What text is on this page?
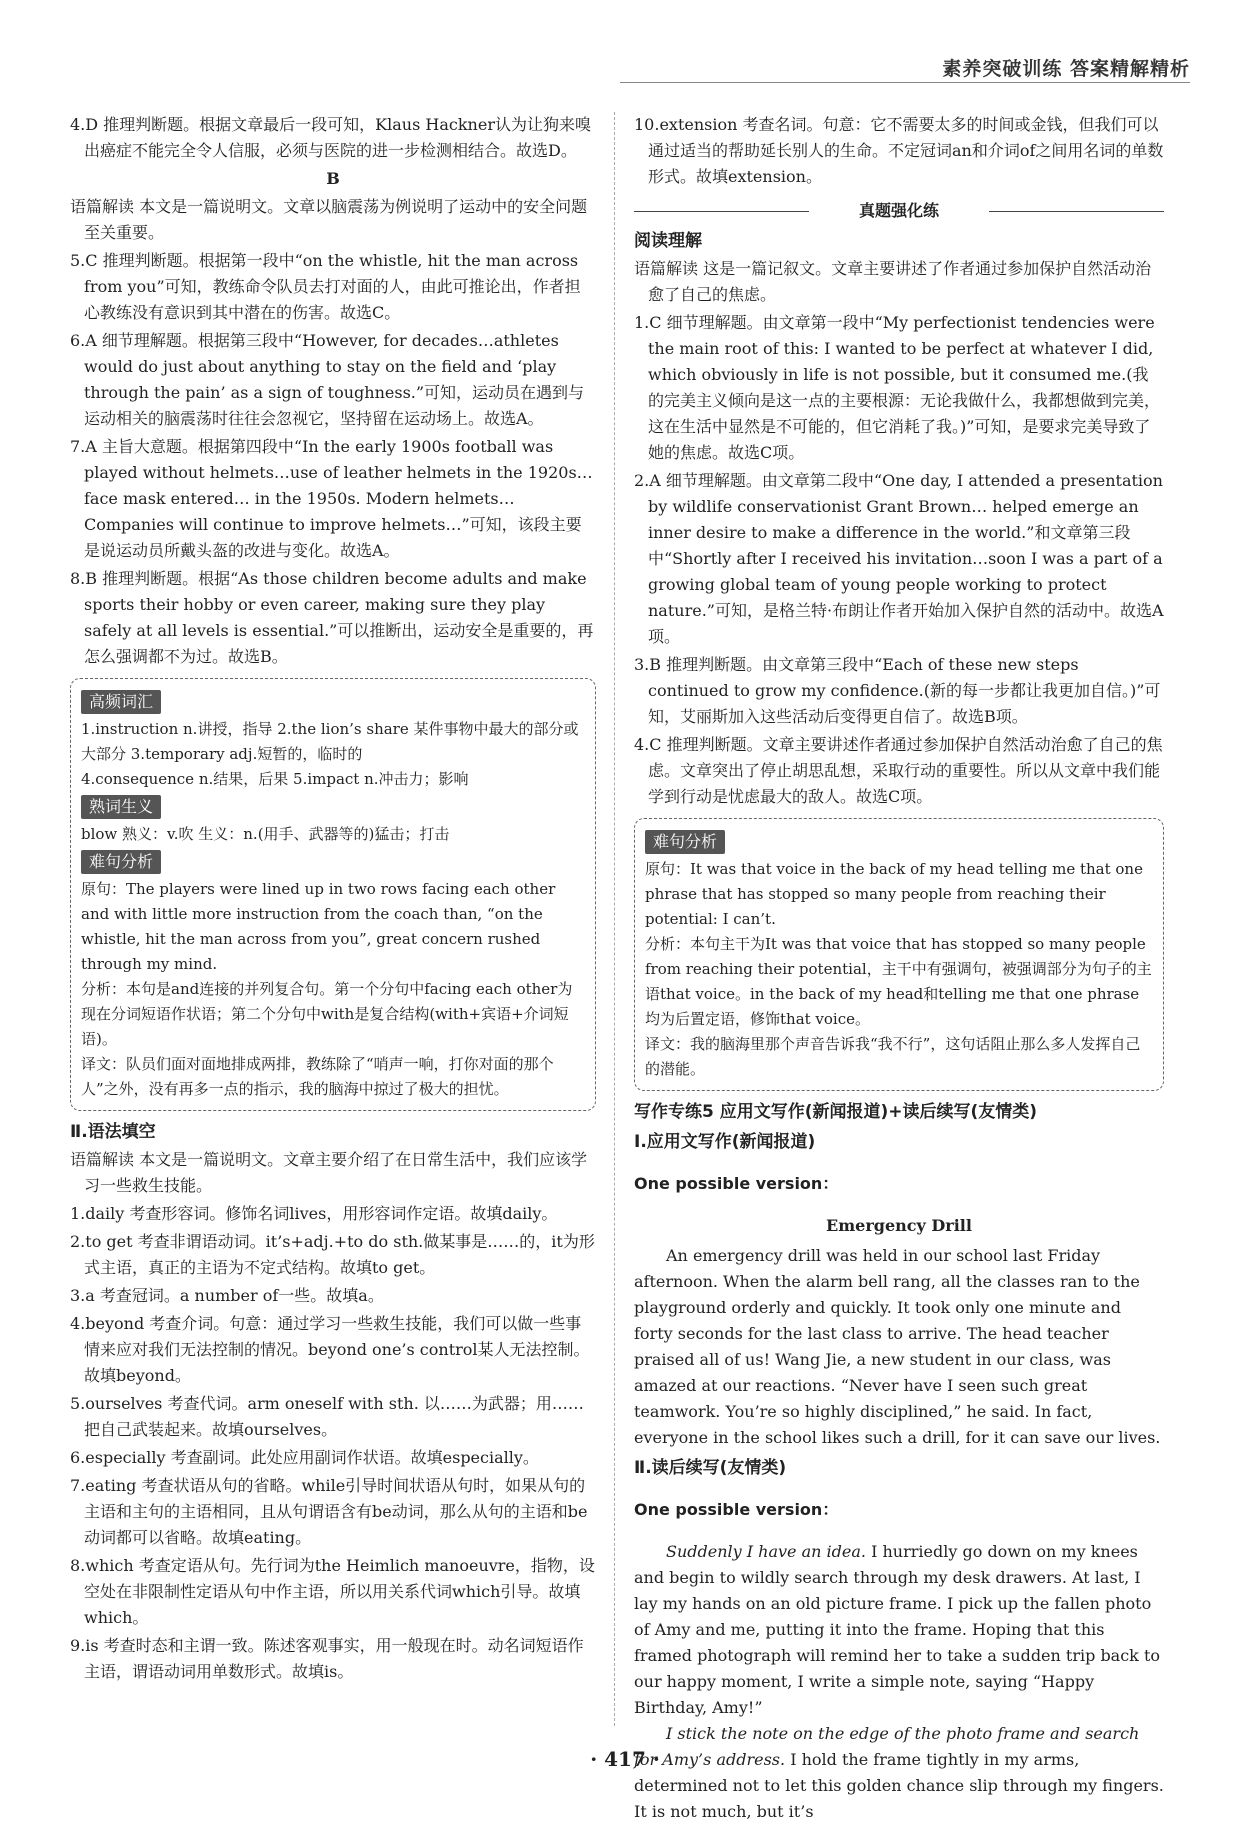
素养突破训练 答案精解精析

4.D 推理判断题。根据文章最后一段可知，Klaus Hackner认为让狗来嗅出癌症不能完全令人信服，必须与医院的进一步检测相结合。故选D。

B

语篇解读 本文是一篇说明文。文章以脑震荡为例说明了运动中的安全问题至关重要。

5.C 推理判断题。根据第一段中“on the whistle, hit the man across from you”可知，教练命令队员去打对面的人，由此可推论出，作者担心教练没有意识到其中潜在的伤害。故选C。

6.A 细节理解题。根据第三段中“However, for decades…athletes would do just about anything to stay on the field and ‘play through the pain’ as a sign of toughness.”可知，运动员在遇到与运动相关的脑震荡时往往会忽视它，坚持留在运动场上。故选A。

7.A 主旨大意题。根据第四段中“In the early 1900s football was played without helmets…use of leather helmets in the 1920s…face mask entered… in the 1950s. Modern helmets… Companies will continue to improve helmets…”可知，该段主要是说运动员所戴头盔的改进与变化。故选A。

8.B 推理判断题。根据“As those children become adults and make sports their hobby or even career, making sure they play safely at all levels is essential.”可以推断出，运动安全是重要的，再怎么强调都不为过。故选B。

高频词汇
1.instruction n.讲授，指导 2.the lion’s share 某件事物中最大的部分或大部分 3.temporary adj.短暂的，临时的
4.consequence n.结果，后果 5.impact n.冲击力；影响
熟词生义
blow 熟义：v.吹 生义：n.(用手、武器等的)猛击；打击
难句分析
原句：The players were lined up in two rows facing each other and with little more instruction from the coach than, “on the whistle, hit the man across from you”, great concern rushed through my mind.
分析：本句是and连接的并列复合句。第一个分句中facing each other为现在分词短语作状语；第二个分句中with是复合结构(with+宾语+介词短语)。
译文：队员们面对面地排成两排，教练除了“哨声一响，打你对面的那个人”之外，没有再多一点的指示，我的脑海中掠过了极大的担忧。

Ⅱ.语法填空

语篇解读 本文是一篇说明文。文章主要介绍了在日常生活中，我们应该学习一些救生技能。

1.daily 考查形容词。修饰名词lives，用形容词作定语。故填daily。

2.to get 考查非谓语动词。it’s+adj.+to do sth.做某事是……的，it为形式主语，真正的主语为不定式结构。故填to get。

3.a 考查冠词。a number of一些。故填a。

4.beyond 考查介词。句意：通过学习一些救生技能，我们可以做一些事情来应对我们无法控制的情况。beyond one’s control某人无法控制。故填beyond。

5.ourselves 考查代词。arm oneself with sth. 以……为武器；用……把自己武装起来。故填ourselves。

6.especially 考查副词。此处应用副词作状语。故填especially。

7.eating 考查状语从句的省略。while引导时间状语从句时，如果从句的主语和主句的主语相同，且从句谓语含有be动词，那么从句的主语和be动词都可以省略。故填eating。

8.which 考查定语从句。先行词为the Heimlich manoeuvre，指物，设空处在非限制性定语从句中作主语，所以用关系代词which引导。故填which。

9.is 考查时态和主谓一致。陈述客观事实，用一般现在时。动名词短语作主语，谓语动词用单数形式。故填is。

10.extension 考查名词。句意：它不需要太多的时间或金钱，但我们可以通过适当的帮助延长别人的生命。不定冠词an和介词of之间用名词的单数形式。故填extension。

真题强化练

阅读理解

语篇解读 这是一篇记叙文。文章主要讲述了作者通过参加保护自然活动治愈了自己的焦虑。

1.C 细节理解题。由文章第一段中“My perfectionist tendencies were the main root of this: I wanted to be perfect at whatever I did, which obviously in life is not possible, but it consumed me.(我的完美主义倾向是这一点的主要根源：无论我做什么，我都想做到完美，这在生活中显然是不可能的，但它消耗了我。)”可知，是要求完美导致了她的焦虑。故选C项。

2.A 细节理解题。由文章第二段中“One day, I attended a presentation by wildlife conservationist Grant Brown… helped emerge an inner desire to make a difference in the world.”和文章第三段中“Shortly after I received his invitation…soon I was a part of a growing global team of young people working to protect nature.”可知，是格兰特·布朗让作者开始加入保护自然的活动中。故选A项。

3.B 推理判断题。由文章第三段中“Each of these new steps continued to grow my confidence.(新的每一步都让我更加自信。)”可知，艾丽斯加入这些活动后变得更自信了。故选B项。

4.C 推理判断题。文章主要讲述作者通过参加保护自然活动治愈了自己的焦虑。文章突出了停止胡思乱想，采取行动的重要性。所以从文章中我们能学到行动是忧虑最大的敌人。故选C项。

难句分析
原句：It was that voice in the back of my head telling me that one phrase that has stopped so many people from reaching their potential: I can’t.
分析：本句主干为It was that voice that has stopped so many people from reaching their potential，主干中有强调句，被强调部分为句子的主语that voice。in the back of my head和telling me that one phrase均为后置定语，修饰that voice。
译文：我的脑海里那个声音告诉我“我不行”，这句话阻止那么多人发挥自己的潜能。

写作专练5 应用文写作(新闻报道)+读后续写(友情类)

Ⅰ.应用文写作(新闻报道)

One possible version：

Emergency Drill

An emergency drill was held in our school last Friday afternoon. When the alarm bell rang, all the classes ran to the playground orderly and quickly. It took only one minute and forty seconds for the last class to arrive. The head teacher praised all of us! Wang Jie, a new student in our class, was amazed at our reactions. “Never have I seen such great teamwork. You’re so highly disciplined,” he said. In fact, everyone in the school likes such a drill, for it can save our lives.

Ⅱ.读后续写(友情类)

One possible version：

Suddenly I have an idea. I hurriedly go down on my knees and begin to wildly search through my desk drawers. At last, I lay my hands on an old picture frame. I pick up the fallen photo of Amy and me, putting it into the frame. Hoping that this framed photograph will remind her to take a sudden trip back to our happy moment, I write a simple note, saying “Happy Birthday, Amy!”

I stick the note on the edge of the photo frame and search for Amy’s address. I hold the frame tightly in my arms, determined not to let this golden chance slip through my fingers. It is not much, but it’s

· 417 ·
